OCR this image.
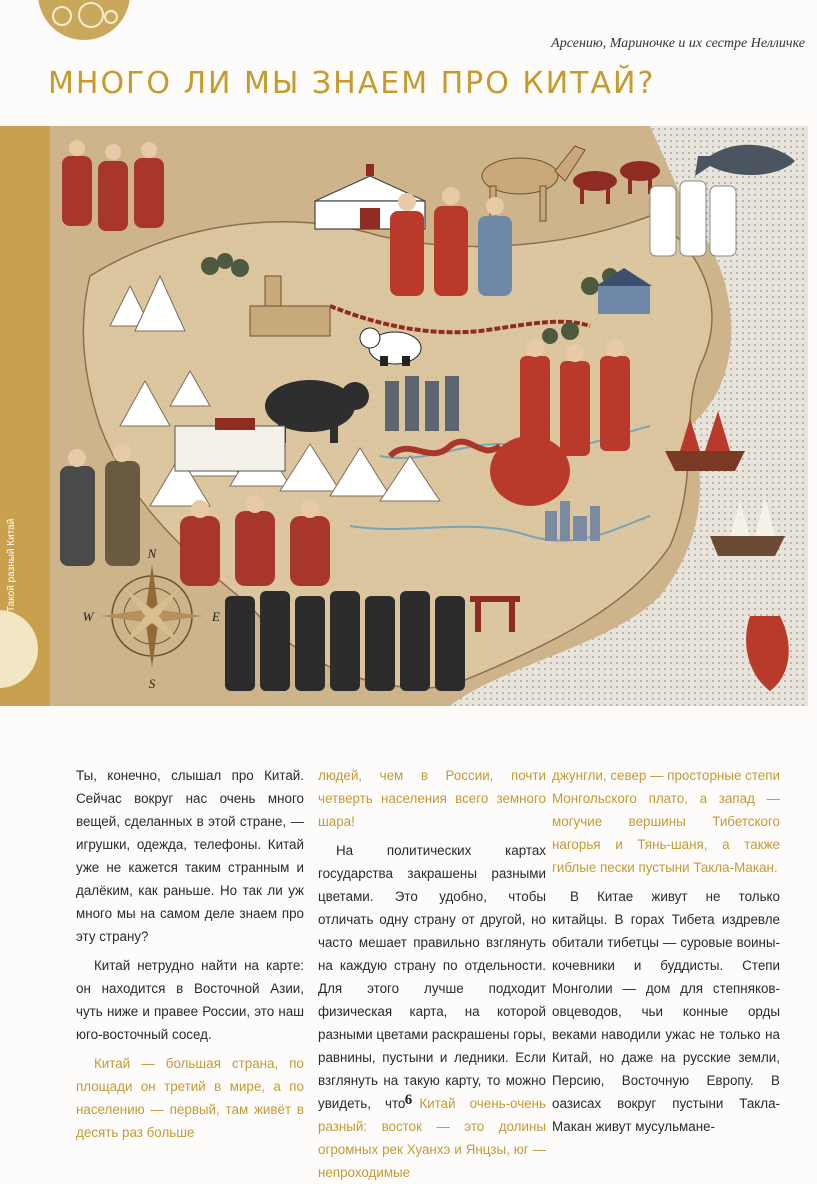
Арсению, Мариночке и их сестре Нелличке
МНОГО ЛИ МЫ ЗНАЕМ ПРО КИТАЙ?
Такой разный Китай	N
S
E
W

Ты, конечно, слышал про Китай. Сейчас вокруг нас очень много вещей, сделанных в этой стране, — игрушки, одежда, телефоны. Китай уже не кажется таким странным и далёким, как раньше. Но так ли уж много мы на самом деле знаем про эту страну?

Китай нетрудно найти на карте: он находится в Восточной Азии, чуть ниже и правее России, это наш юго-восточный сосед.

Китай — большая страна, по площади он третий в мире, а по населению — первый, там живёт в десять раз больше

людей, чем в России, почти четверть населения всего земного шара!

На политических картах государства закрашены разными цветами. Это удобно, чтобы отличать одну страну от другой, но часто мешает правильно взглянуть на каждую страну по отдельности. Для этого лучше подходит физическая карта, на которой разными цветами раскрашены горы, равнины, пустыни и ледники. Если взглянуть на такую карту, то можно увидеть, что Китай очень-очень разный: восток — это долины огромных рек Хуанхэ и Янцзы, юг — непроходимые

джунгли, север — просторные степи Монгольского плато, а запад — могучие вершины Тибетского нагорья и Тянь-шаня, а также гиблые пески пустыни Такла-Макан.

В Китае живут не только китайцы. В горах Тибета издревле обитали тибетцы — суровые воины-кочевники и буддисты. Степи Монголии — дом для степняков-овцеводов, чьи конные орды веками наводили ужас не только на Китай, но даже на русские земли, Персию, Восточную Европу. В оазисах вокруг пустыни Такла-Макан живут мусульмане-

6
